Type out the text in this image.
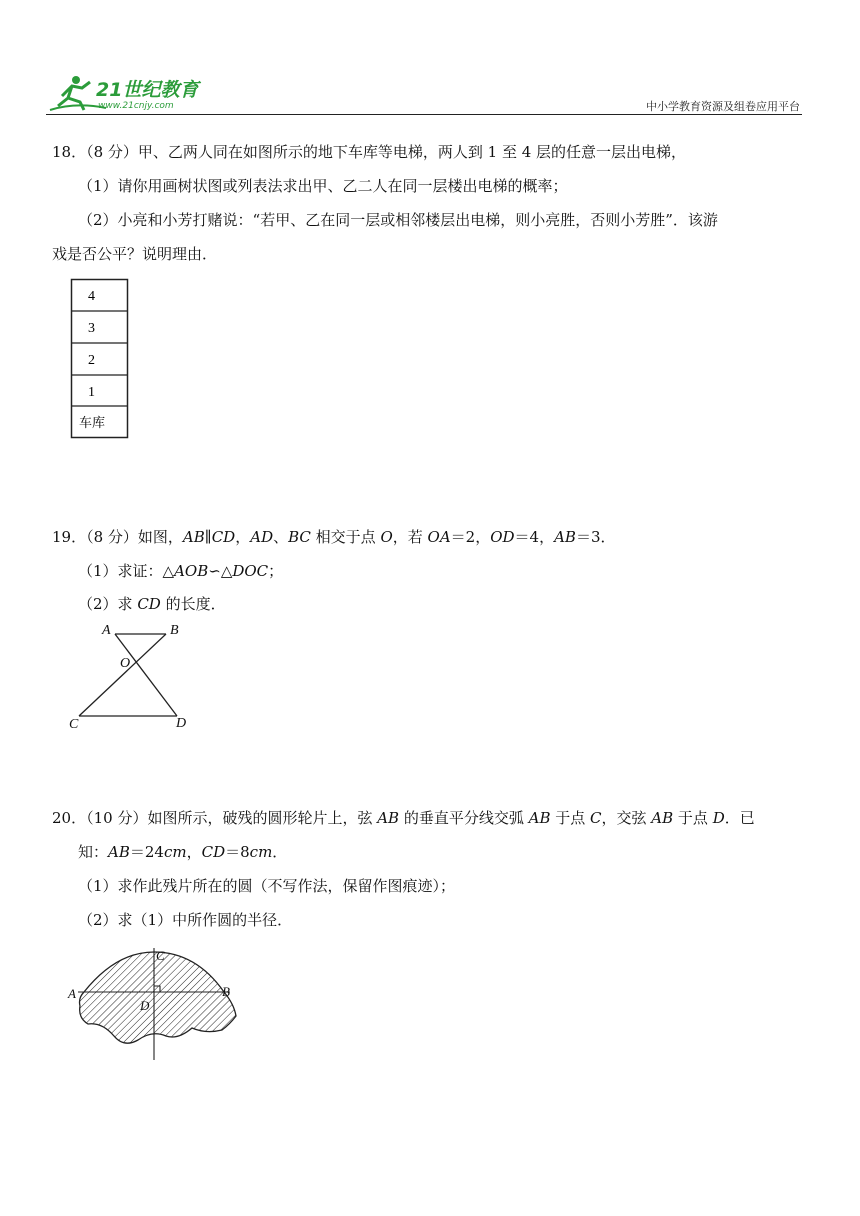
21世纪教育
www.21cnjy.com	中小学教育资源及组卷应用平台
18．（8 分）甲、乙两人同在如图所示的地下车库等电梯，两人到 1 至 4 层的任意一层出电梯，
（1）请你用画树状图或列表法求出甲、乙二人在同一层楼出电梯的概率；
（2）小亮和小芳打赌说：“若甲、乙在同一层或相邻楼层出电梯，则小亮胜，否则小芳胜”．该游
戏是否公平？说明理由．
4
3
2
1
车库
19．（8 分）如图，AB∥CD，AD、BC 相交于点 O，若 OA＝2，OD＝4，AB＝3．
（1）求证：△AOB∽△DOC；
（2）求 CD 的长度．
A	B
O
C	D
20．（10 分）如图所示，破残的圆形轮片上，弦 AB 的垂直平分线交弧 AB 于点 C，交弦 AB 于点 D．已
知：AB＝24cm，CD＝8cm．
（1）求作此残片所在的圆（不写作法，保留作图痕迹）；
（2）求（1）中所作圆的半径．
A	B
C
D
